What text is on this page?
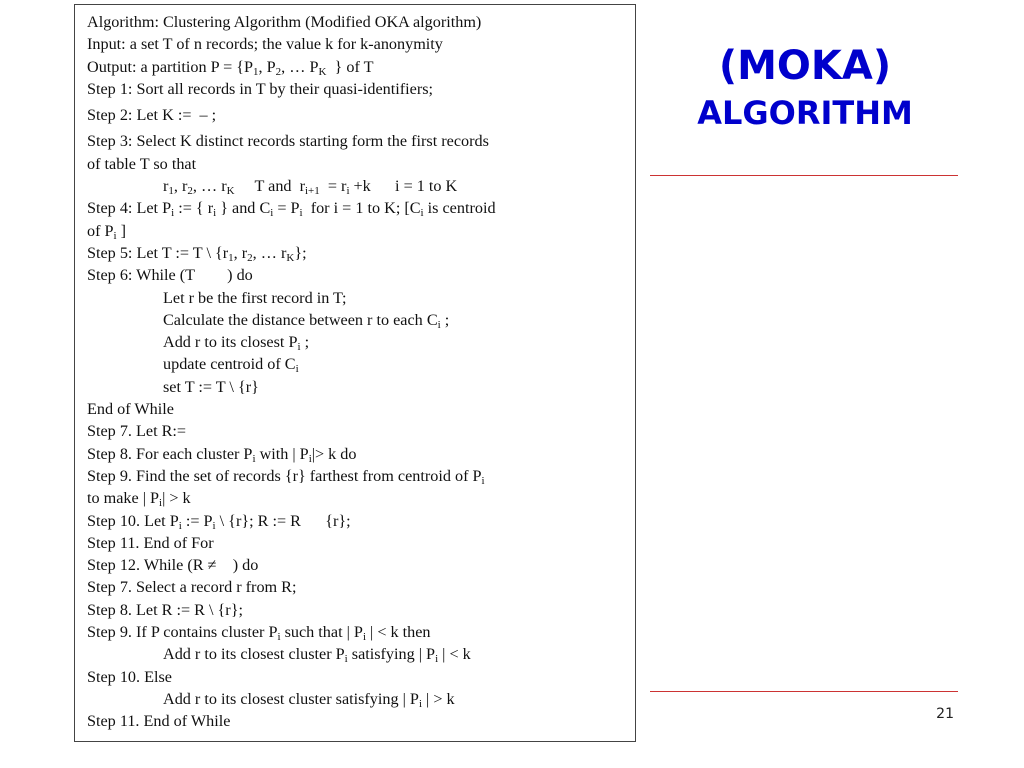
Algorithm: Clustering Algorithm (Modified OKA algorithm)
Input: a set T of n records; the value k for k-anonymity
Output: a partition $P = \{P_1$, $P_2$, … $P_K$  } of T
Step 1: Sort all records in T by their quasi-identifiers;
Step 2: Let K :=  – ;
Step 3: Select K distinct records starting form the first records
of table T so that
$r_1$, $r_2$, … $r_K$     T and  $r_{i+1} = r_i +k$      i = 1 to K
Step 4: Let $P_i$ := { $r_i$ } and $C_i = P_i$  for i = 1 to K; [$C_i$ is centroid
of $P_i$ ]
Step 5: Let T := T \ {$r_1$, $r_2$, … $r_K$};
Step 6: While (T        ) do
Let r be the first record in T;
Calculate the distance between r to each $C_i$ ;
Add r to its closest $P_i$ ;
update centroid of $C_i$
set T := T \ {r}
End of While
Step 7. Let R:=
Step 8. For each cluster $P_i$ with | $P_i|> k$ do
Step 9. Find the set of records {r} farthest from centroid of $P_i$
to make | $P_i| > k$
Step 10. Let $P_i$ := $P_i$ \ {r}; R := R      {r};
Step 11. End of For
Step 12. While (R ≠    ) do
Step 7. Select a record r from R;
Step 8. Let R := R \ {r};
Step 9. If P contains cluster $P_i$ such that | $P_i$ | < k then
Add r to its closest cluster $P_i$ satisfying | $P_i$ | < k
Step 10. Else
Add r to its closest cluster satisfying | $P_i$ | > k
Step 11. End of While
(MOKA)
ALGORITHM
21
